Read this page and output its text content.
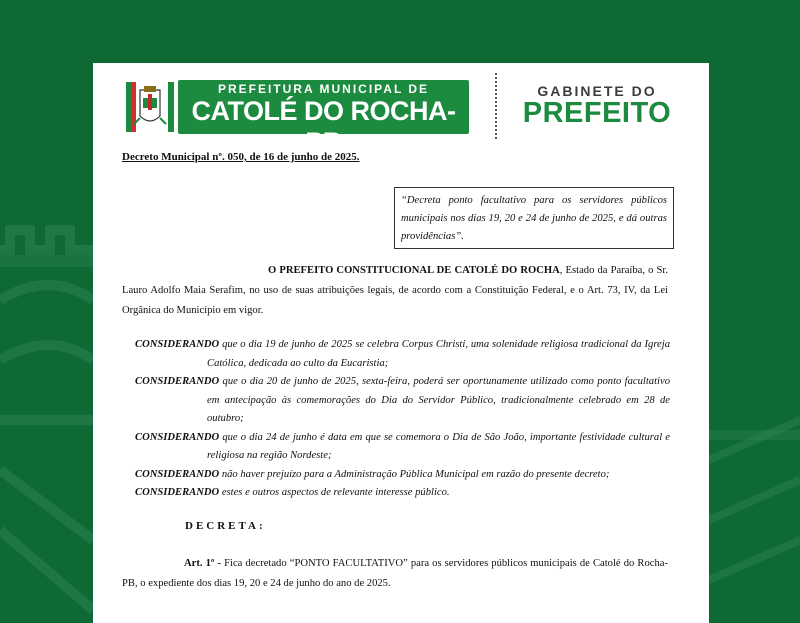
PREFEITURA MUNICIPAL DE
CATOLÉ DO ROCHA-PB
GABINETE DO
PREFEITO
Decreto Municipal nº. 050, de 16 de junho de 2025.
“Decreta ponto facultativo para os servidores públicos municipais nos dias 19, 20 e 24 de junho de 2025, e dá outras providências”.

O PREFEITO CONSTITUCIONAL DE CATOLÉ DO ROCHA, Estado da Paraíba, o Sr. Lauro Adolfo Maia Serafim, no uso de suas atribuições legais, de acordo com a Constituição Federal, e o Art. 73, IV, da Lei Orgânica do Município em vigor.

CONSIDERANDO que o dia 19 de junho de 2025 se celebra Corpus Christi, uma solenidade religiosa tradicional da Igreja Católica, dedicada ao culto da Eucaristia;

CONSIDERANDO que o dia 20 de junho de 2025, sexta-feira, poderá ser oportunamente utilizado como ponto facultativo em antecipação às comemorações do Dia do Servidor Público, tradicionalmente celebrado em 28 de outubro;

CONSIDERANDO que o dia 24 de junho é data em que se comemora o Dia de São João, importante festividade cultural e religiosa na região Nordeste;

CONSIDERANDO não haver prejuízo para a Administração Pública Municipal em razão do presente decreto;

CONSIDERANDO estes e outros aspectos de relevante interesse público.

DECRETA:

Art. 1º - Fica decretado “PONTO FACULTATIVO” para os servidores públicos municipais de Catolé do Rocha-PB, o expediente dos dias 19, 20 e 24 de junho do ano de 2025.
